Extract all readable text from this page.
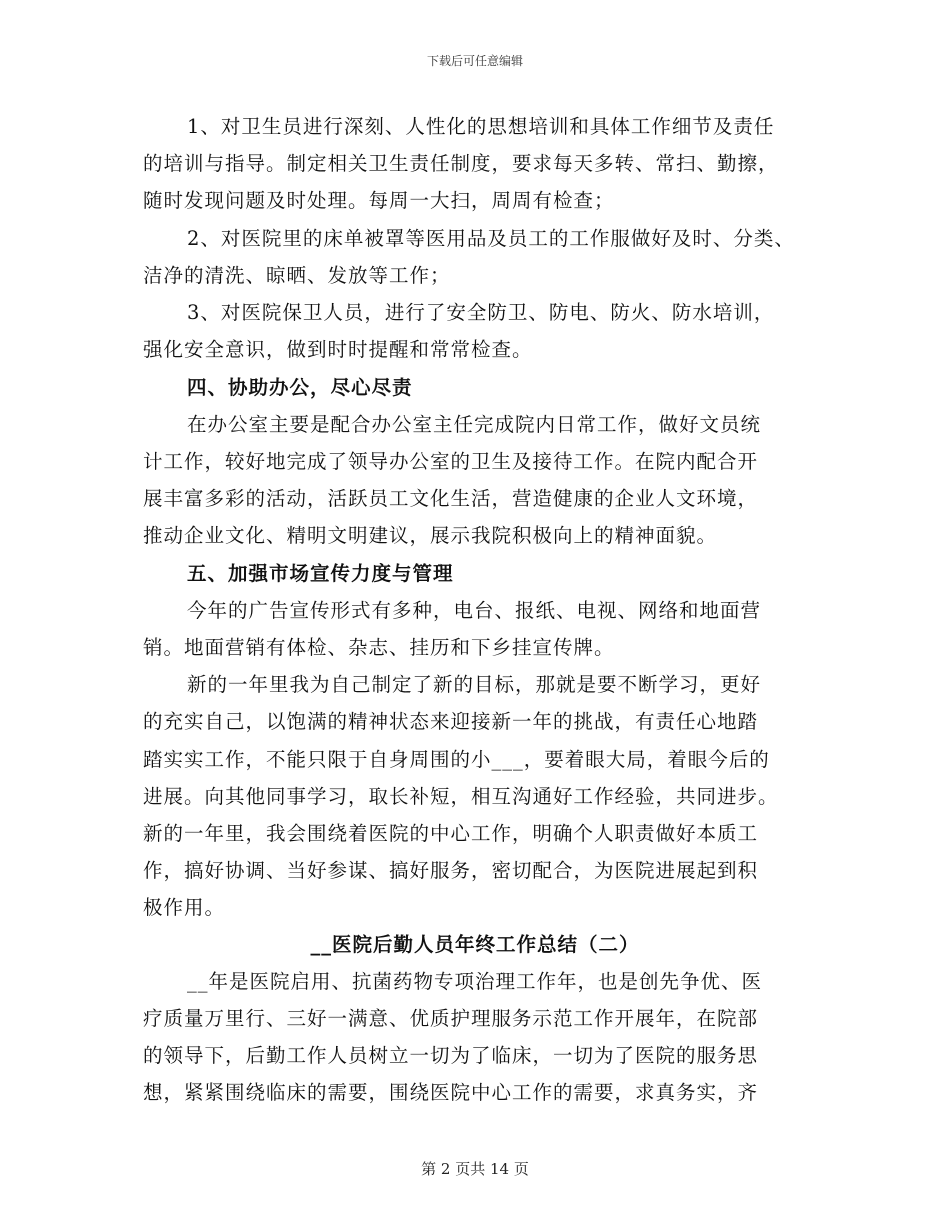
下载后可任意编辑
1、对卫生员进行深刻、人性化的思想培训和具体工作细节及责任
的培训与指导。制定相关卫生责任制度，要求每天多转、常扫、勤擦，
随时发现问题及时处理。每周一大扫，周周有检查；
2、对医院里的床单被罩等医用品及员工的工作服做好及时、分类、
洁净的清洗、晾晒、发放等工作；
3、对医院保卫人员，进行了安全防卫、防电、防火、防水培训，
强化安全意识，做到时时提醒和常常检查。
四、协助办公，尽心尽责
在办公室主要是配合办公室主任完成院内日常工作，做好文员统
计工作，较好地完成了领导办公室的卫生及接待工作。在院内配合开
展丰富多彩的活动，活跃员工文化生活，营造健康的企业人文环境，
推动企业文化、精明文明建议，展示我院积极向上的精神面貌。
五、加强市场宣传力度与管理
今年的广告宣传形式有多种，电台、报纸、电视、网络和地面营
销。地面营销有体检、杂志、挂历和下乡挂宣传牌。
新的一年里我为自己制定了新的目标，那就是要不断学习，更好
的充实自己，以饱满的精神状态来迎接新一年的挑战，有责任心地踏
踏实实工作，不能只限于自身周围的小___，要着眼大局，着眼今后的
进展。向其他同事学习，取长补短，相互沟通好工作经验，共同进步。
新的一年里，我会围绕着医院的中心工作，明确个人职责做好本质工
作，搞好协调、当好参谋、搞好服务，密切配合，为医院进展起到积
极作用。
__医院后勤人员年终工作总结（二）
__年是医院启用、抗菌药物专项治理工作年，也是创先争优、医
疗质量万里行、三好一满意、优质护理服务示范工作开展年，在院部
的领导下，后勤工作人员树立一切为了临床，一切为了医院的服务思
想，紧紧围绕临床的需要，围绕医院中心工作的需要，求真务实，齐
第 2 页共 14 页
